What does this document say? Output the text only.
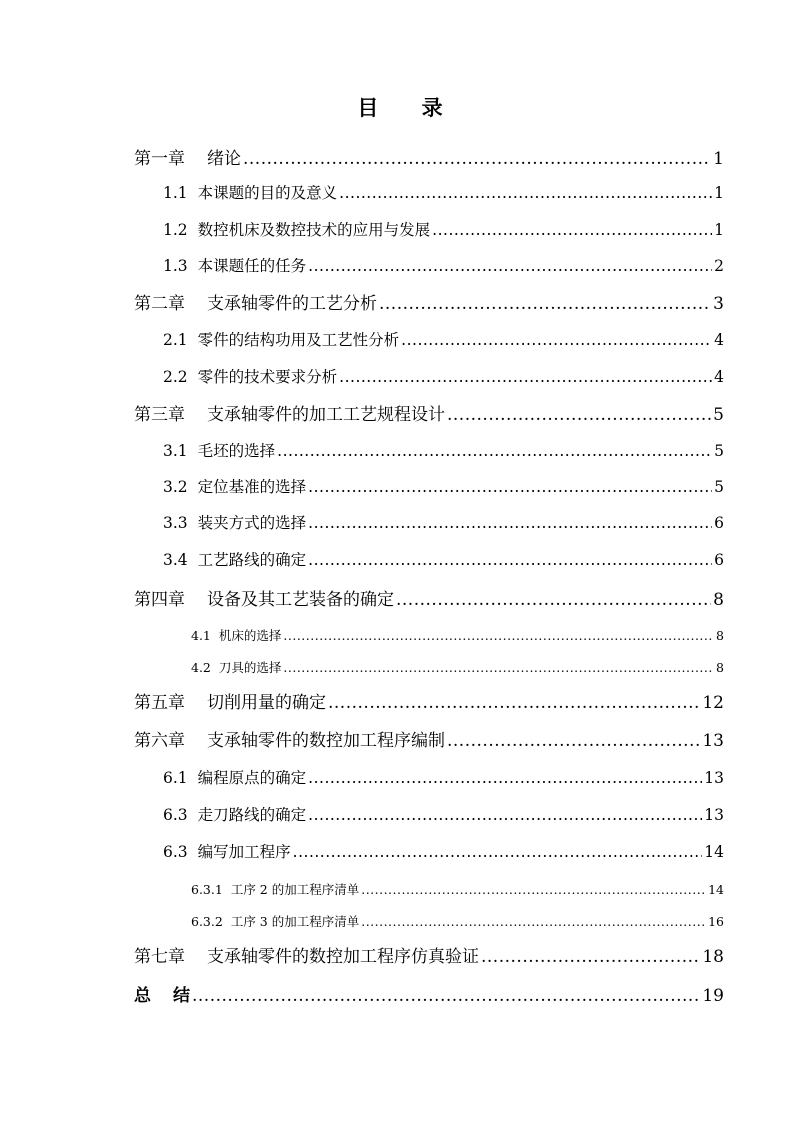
目 录
第一章 绪论 .....	1
1.1 本课题的目的及意义 .....	1
1.2 数控机床及数控技术的应用与发展 .....	1
1.3 本课题任的任务 .....	2
第二章 支承轴零件的工艺分析 .....	3
2.1 零件的结构功用及工艺性分析 .....	4
2.2 零件的技术要求分析 .....	4
第三章 支承轴零件的加工工艺规程设计 .....	5
3.1 毛坯的选择 .....	5
3.2 定位基准的选择 .....	5
3.3 装夹方式的选择 .....	6
3.4 工艺路线的确定 .....	6
第四章 设备及其工艺装备的确定 .....	8
4.1 机床的选择 .....	8
4.2 刀具的选择 .....	8
第五章 切削用量的确定 .....	12
第六章 支承轴零件的数控加工程序编制 .....	13
6.1 编程原点的确定 .....	13
6.3 走刀路线的确定 .....	13
6.3 编写加工程序 .....	14
6.3.1 工序 2 的加工程序清单 .....	14
6.3.2 工序 3 的加工程序清单 .....	16
第七章 支承轴零件的数控加工程序仿真验证 .....	18
总 结 .....	19
